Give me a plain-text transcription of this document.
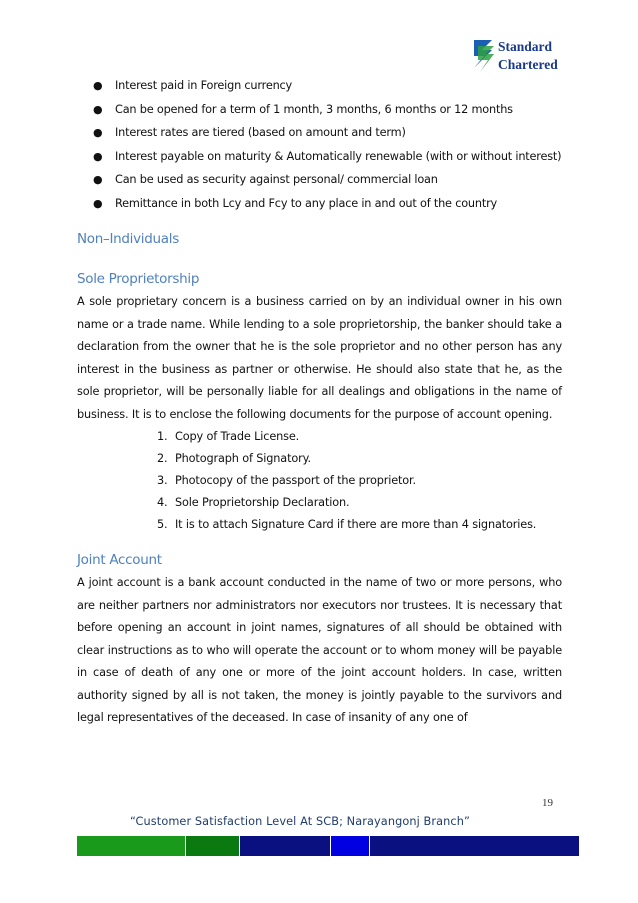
Standard
Chartered
● Interest paid in Foreign currency
● Can be opened for a term of 1 month, 3 months, 6 months or 12 months
● Interest rates are tiered (based on amount and term)
● Interest payable on maturity & Automatically renewable (with or without interest)
● Can be used as security against personal/ commercial loan
● Remittance in both Lcy and Fcy to any place in and out of the country
Non–Individuals
Sole Proprietorship

A sole proprietary concern is a business carried on by an individual owner in his own name or a trade name. While lending to a sole proprietorship, the banker should take a declaration from the owner that he is the sole proprietor and no other person has any interest in the business as partner or otherwise. He should also state that he, as the sole proprietor, will be personally liable for all dealings and obligations in the name of business. It is to enclose the following documents for the purpose of account opening.

1. Copy of Trade License.
2. Photograph of Signatory.
3. Photocopy of the passport of the proprietor.
4. Sole Proprietorship Declaration.
5. It is to attach Signature Card if there are more than 4 signatories.
Joint Account

A joint account is a bank account conducted in the name of two or more persons, who are neither partners nor administrators nor executors nor trustees. It is necessary that before opening an account in joint names, signatures of all should be obtained with clear instructions as to who will operate the account or to whom money will be payable in case of death of any one or more of the joint account holders. In case, written authority signed by all is not taken, the money is jointly payable to the survivors and legal representatives of the deceased. In case of insanity of any one of

19
“Customer Satisfaction Level At SCB; Narayangonj Branch”
